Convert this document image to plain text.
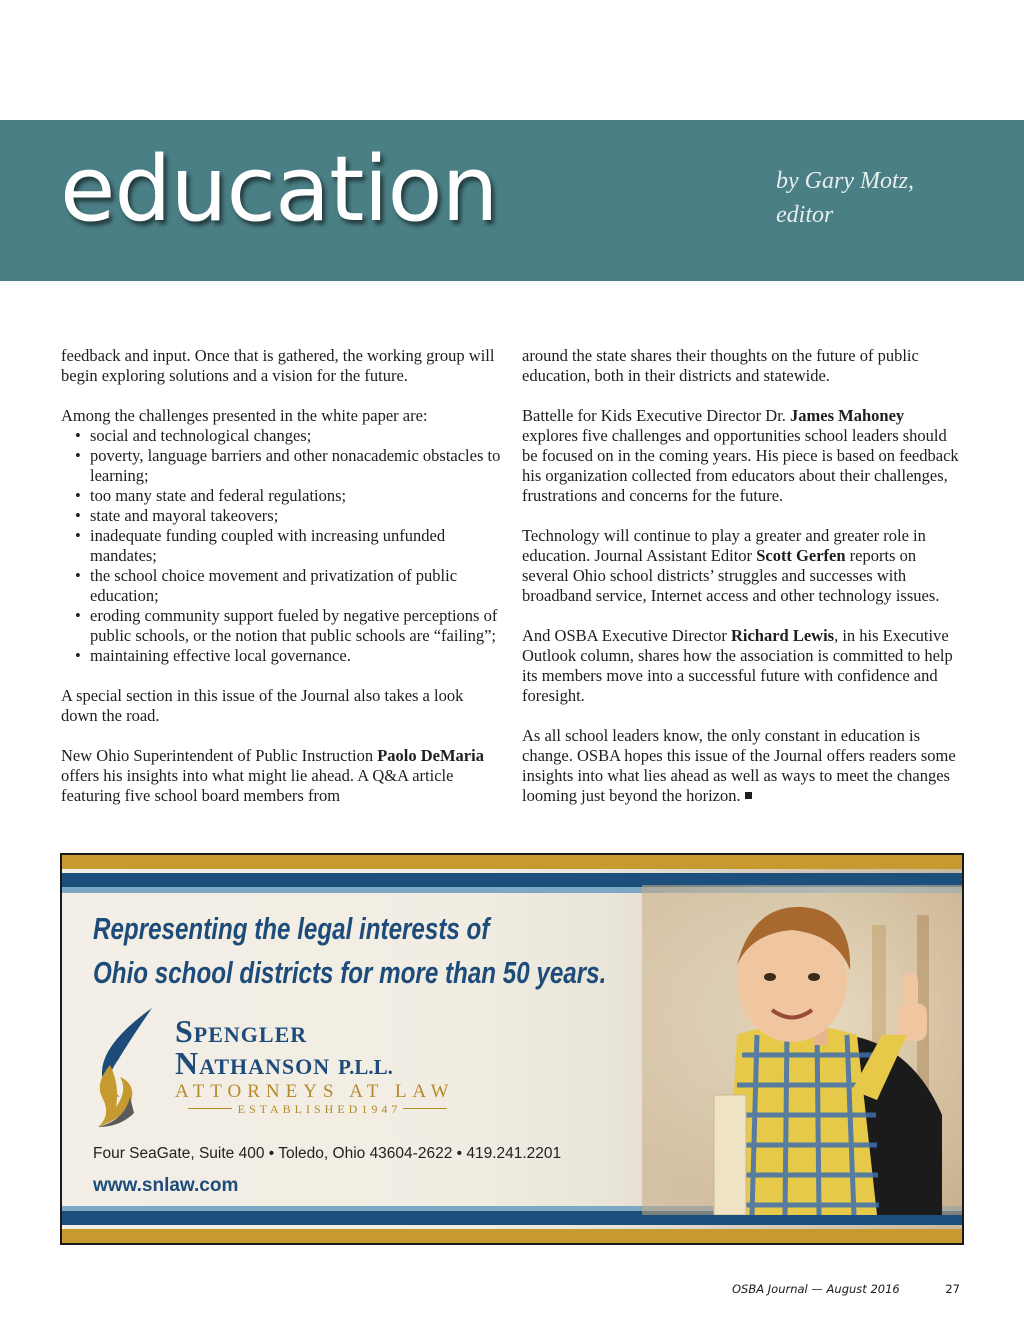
education	by Gary Motz,
editor

feedback and input. Once that is gathered, the working group will begin exploring solutions and a vision for the future.

Among the challenges presented in the white paper are:
• social and technological changes;
• poverty, language barriers and other nonacademic obstacles to learning;
• too many state and federal regulations;
• state and mayoral takeovers;
• inadequate funding coupled with increasing unfunded mandates;
• the school choice movement and privatization of public education;
• eroding community support fueled by negative perceptions of public schools, or the notion that public schools are “failing”;
• maintaining effective local governance.

A special section in this issue of the Journal also takes a look down the road.

New Ohio Superintendent of Public Instruction Paolo DeMaria offers his insights into what might lie ahead. A Q&A article featuring five school board members from

around the state shares their thoughts on the future of public education, both in their districts and statewide.

Battelle for Kids Executive Director Dr. James Mahoney explores five challenges and opportunities school leaders should be focused on in the coming years. His piece is based on feedback his organization collected from educators about their challenges, frustrations and concerns for the future.

Technology will continue to play a greater and greater role in education. Journal Assistant Editor Scott Gerfen reports on several Ohio school districts’ struggles and successes with broadband service, Internet access and other technology issues.

And OSBA Executive Director Richard Lewis, in his Executive Outlook column, shares how the association is committed to help its members move into a successful future with confidence and foresight.

As all school leaders know, the only constant in education is change. OSBA hopes this issue of the Journal offers readers some insights into what lies ahead as well as ways to meet the changes looming just beyond the horizon.

Representing the legal interests of
Ohio school districts for more than 50 years.
Spengler
Nathanson P.L.L.
ATTORNEYS AT LAW
ESTABLISHED1947
Four SeaGate, Suite 400 • Toledo, Ohio 43604-2622 • 419.241.2201
www.snlaw.com
OSBA Journal — August 2016	27
